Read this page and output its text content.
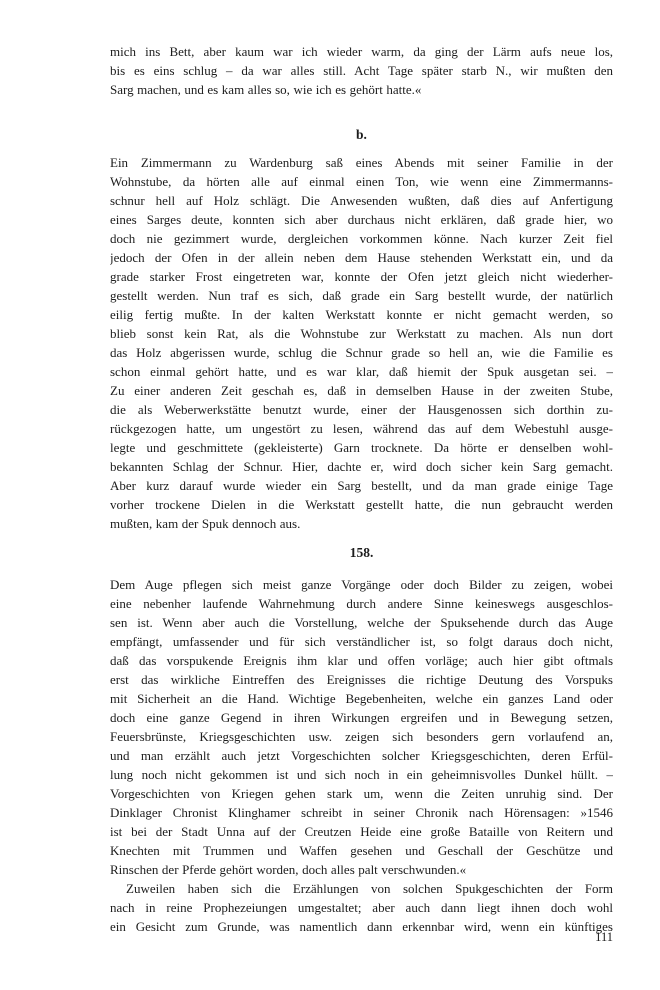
mich ins Bett, aber kaum war ich wieder warm, da ging der Lärm aufs neue los,
bis es eins schlug – da war alles still. Acht Tage später starb N., wir mußten den
Sarg machen, und es kam alles so, wie ich es gehört hatte.«
b.
Ein Zimmermann zu Wardenburg saß eines Abends mit seiner Familie in der
Wohnstube, da hörten alle auf einmal einen Ton, wie wenn eine Zimmermanns-
schnur hell auf Holz schlägt. Die Anwesenden wußten, daß dies auf Anfertigung
eines Sarges deute, konnten sich aber durchaus nicht erklären, daß grade hier, wo
doch nie gezimmert wurde, dergleichen vorkommen könne. Nach kurzer Zeit fiel
jedoch der Ofen in der allein neben dem Hause stehenden Werkstatt ein, und da
grade starker Frost eingetreten war, konnte der Ofen jetzt gleich nicht wiederher-
gestellt werden. Nun traf es sich, daß grade ein Sarg bestellt wurde, der natürlich
eilig fertig mußte. In der kalten Werkstatt konnte er nicht gemacht werden, so
blieb sonst kein Rat, als die Wohnstube zur Werkstatt zu machen. Als nun dort
das Holz abgerissen wurde, schlug die Schnur grade so hell an, wie die Familie es
schon einmal gehört hatte, und es war klar, daß hiemit der Spuk ausgetan sei. –
Zu einer anderen Zeit geschah es, daß in demselben Hause in der zweiten Stube,
die als Weberwerkstätte benutzt wurde, einer der Hausgenossen sich dorthin zu-
rückgezogen hatte, um ungestört zu lesen, während das auf dem Webestuhl ausge-
legte und geschmittete (gekleisterte) Garn trocknete. Da hörte er denselben wohl-
bekannten Schlag der Schnur. Hier, dachte er, wird doch sicher kein Sarg gemacht.
Aber kurz darauf wurde wieder ein Sarg bestellt, und da man grade einige Tage
vorher trockene Dielen in die Werkstatt gestellt hatte, die nun gebraucht werden
mußten, kam der Spuk dennoch aus.
158.
Dem Auge pflegen sich meist ganze Vorgänge oder doch Bilder zu zeigen, wobei
eine nebenher laufende Wahrnehmung durch andere Sinne keineswegs ausgeschlos-
sen ist. Wenn aber auch die Vorstellung, welche der Spuksehende durch das Auge
empfängt, umfassender und für sich verständlicher ist, so folgt daraus doch nicht,
daß das vorspukende Ereignis ihm klar und offen vorläge; auch hier gibt oftmals
erst das wirkliche Eintreffen des Ereignisses die richtige Deutung des Vorspuks
mit Sicherheit an die Hand. Wichtige Begebenheiten, welche ein ganzes Land oder
doch eine ganze Gegend in ihren Wirkungen ergreifen und in Bewegung setzen,
Feuersbrünste, Kriegsgeschichten usw. zeigen sich besonders gern vorlaufend an,
und man erzählt auch jetzt Vorgeschichten solcher Kriegsgeschichten, deren Erfül-
lung noch nicht gekommen ist und sich noch in ein geheimnisvolles Dunkel hüllt. –
Vorgeschichten von Kriegen gehen stark um, wenn die Zeiten unruhig sind. Der
Dinklager Chronist Klinghamer schreibt in seiner Chronik nach Hörensagen: »1546
ist bei der Stadt Unna auf der Creutzen Heide eine große Bataille von Reitern und
Knechten mit Trummen und Waffen gesehen und Geschall der Geschütze und
Rinschen der Pferde gehört worden, doch alles palt verschwunden.«
Zuweilen haben sich die Erzählungen von solchen Spukgeschichten der Form
nach in reine Prophezeiungen umgestaltet; aber auch dann liegt ihnen doch wohl
ein Gesicht zum Grunde, was namentlich dann erkennbar wird, wenn ein künftiges
111
